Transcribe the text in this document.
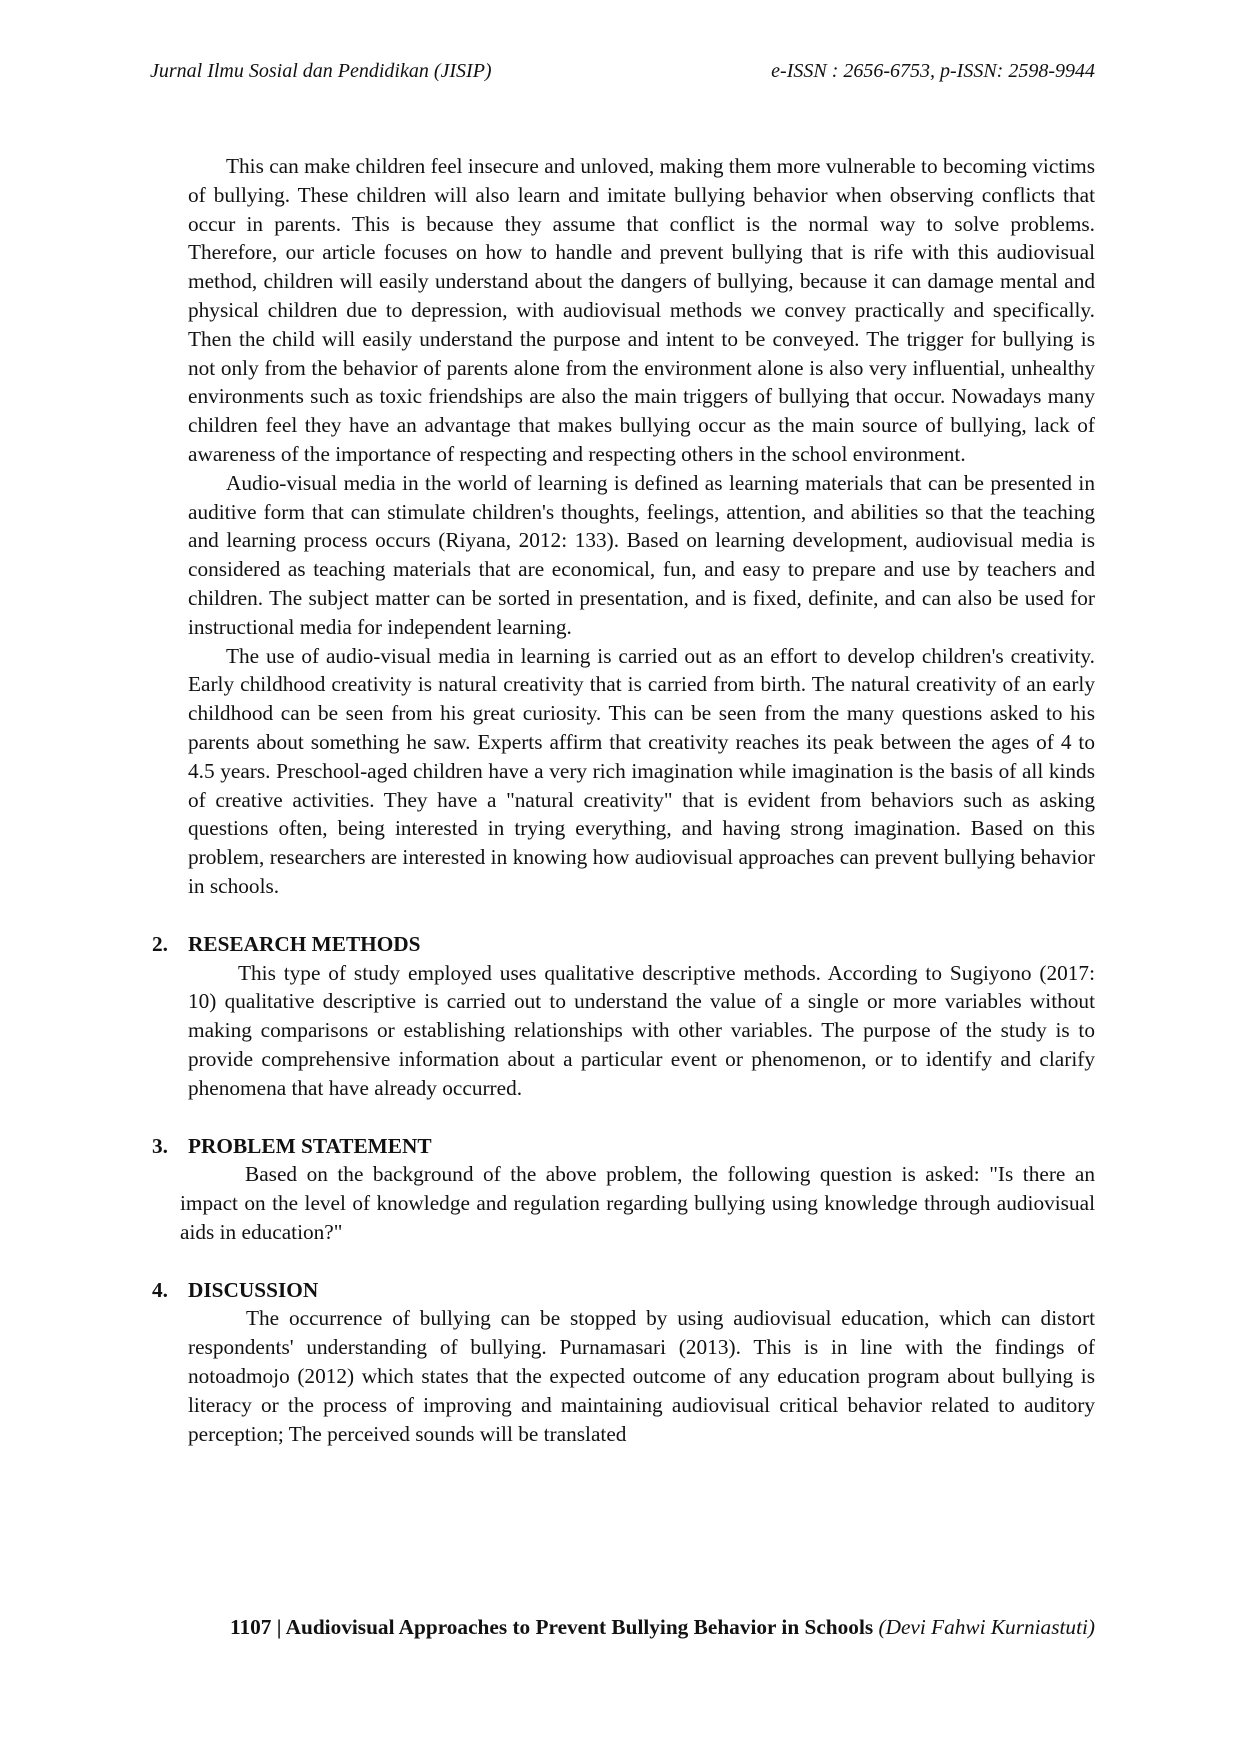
Jurnal Ilmu Sosial dan Pendidikan (JISIP)	e-ISSN : 2656-6753, p-ISSN: 2598-9944

This can make children feel insecure and unloved, making them more vulnerable to becoming victims of bullying. These children will also learn and imitate bullying behavior when observing conflicts that occur in parents. This is because they assume that conflict is the normal way to solve problems. Therefore, our article focuses on how to handle and prevent bullying that is rife with this audiovisual method, children will easily understand about the dangers of bullying, because it can damage mental and physical children due to depression, with audiovisual methods we convey practically and specifically. Then the child will easily understand the purpose and intent to be conveyed. The trigger for bullying is not only from the behavior of parents alone from the environment alone is also very influential, unhealthy environments such as toxic friendships are also the main triggers of bullying that occur. Nowadays many children feel they have an advantage that makes bullying occur as the main source of bullying, lack of awareness of the importance of respecting and respecting others in the school environment.

Audio-visual media in the world of learning is defined as learning materials that can be presented in auditive form that can stimulate children's thoughts, feelings, attention, and abilities so that the teaching and learning process occurs (Riyana, 2012: 133). Based on learning development, audiovisual media is considered as teaching materials that are economical, fun, and easy to prepare and use by teachers and children. The subject matter can be sorted in presentation, and is fixed, definite, and can also be used for instructional media for independent learning.

The use of audio-visual media in learning is carried out as an effort to develop children's creativity. Early childhood creativity is natural creativity that is carried from birth. The natural creativity of an early childhood can be seen from his great curiosity. This can be seen from the many questions asked to his parents about something he saw. Experts affirm that creativity reaches its peak between the ages of 4 to 4.5 years. Preschool-aged children have a very rich imagination while imagination is the basis of all kinds of creative activities. They have a "natural creativity" that is evident from behaviors such as asking questions often, being interested in trying everything, and having strong imagination. Based on this problem, researchers are interested in knowing how audiovisual approaches can prevent bullying behavior in schools.

2. RESEARCH METHODS

This type of study employed uses qualitative descriptive methods. According to Sugiyono (2017: 10) qualitative descriptive is carried out to understand the value of a single or more variables without making comparisons or establishing relationships with other variables. The purpose of the study is to provide comprehensive information about a particular event or phenomenon, or to identify and clarify phenomena that have already occurred.

3. PROBLEM STATEMENT

Based on the background of the above problem, the following question is asked: "Is there an impact on the level of knowledge and regulation regarding bullying using knowledge through audiovisual aids in education?"

4. DISCUSSION

The occurrence of bullying can be stopped by using audiovisual education, which can distort respondents' understanding of bullying. Purnamasari (2013). This is in line with the findings of notoadmojo (2012) which states that the expected outcome of any education program about bullying is literacy or the process of improving and maintaining audiovisual critical behavior related to auditory perception; The perceived sounds will be translated

1107 | Audiovisual Approaches to Prevent Bullying Behavior in Schools (Devi Fahwi Kurniastuti)
